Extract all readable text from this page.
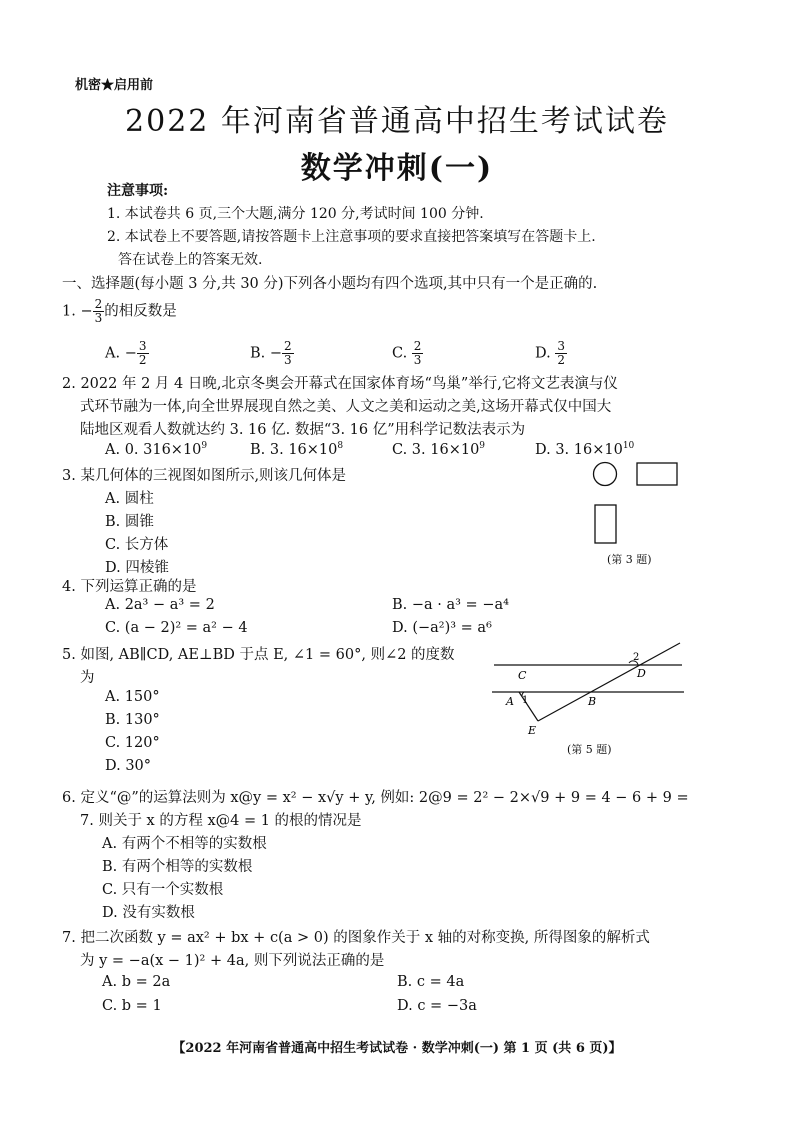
机密★启用前
2022 年河南省普通高中招生考试试卷
数学冲刺(一)
注意事项:
1. 本试卷共 6 页,三个大题,满分 120 分,考试时间 100 分钟.
2. 本试卷上不要答题,请按答题卡上注意事项的要求直接把答案填写在答题卡上.
答在试卷上的答案无效.
一、选择题(每小题 3 分,共 30 分)下列各小题均有四个选项,其中只有一个是正确的.
1. − $\frac{2}{3}$ 的相反数是
A. − $\frac{3}{2}$	B. − $\frac{2}{3}$	C. $\frac{2}{3}$	D. $\frac{3}{2}$
2. 2022 年 2 月 4 日晚,北京冬奥会开幕式在国家体育场“鸟巢”举行,它将文艺表演与仪
式环节融为一体,向全世界展现自然之美、人文之美和运动之美,这场开幕式仅中国大
陆地区观看人数就达约 3. 16 亿. 数据“3. 16 亿”用科学记数法表示为
A. 0. $316\times 10^9$	B. 3. $16\times 10^8$	C. 3. $16\times 10^9$	D. 3. $16\times 10^{10}$
3. 某几何体的三视图如图所示,则该几何体是
A. 圆柱
B. 圆锥
C. 长方体
D. 四棱锥
(第 3 题)
4. 下列运算正确的是
A. 2a³ − a³ = 2	B. −a · a³ = −a⁴
C. (a − 2)² = a² − 4	D. (−a²)³ = a⁶
5. 如图, AB∥CD, AE⊥BD 于点 E, ∠1 = 60°, 则∠2 的度数
为
A. 150°
B. 130°
C. 120°
D. 30°
C	D
A	B
E
1
2
(第 5 题)
6. 定义“@”的运算法则为 x@y = x² − x√y + y, 例如: 2@9 = 2² − 2×√9 + 9 = 4 − 6 + 9 =
7. 则关于 x 的方程 x@4 = 1 的根的情况是
A. 有两个不相等的实数根
B. 有两个相等的实数根
C. 只有一个实数根
D. 没有实数根
7. 把二次函数 y = ax² + bx + c(a > 0) 的图象作关于 x 轴的对称变换, 所得图象的解析式
为 y = −a(x − 1)² + 4a, 则下列说法正确的是
A. b = 2a	B. c = 4a
C. b = 1	D. c = −3a
【2022 年河南省普通高中招生考试试卷 · 数学冲刺(一) 第 1 页 (共 6 页)】
